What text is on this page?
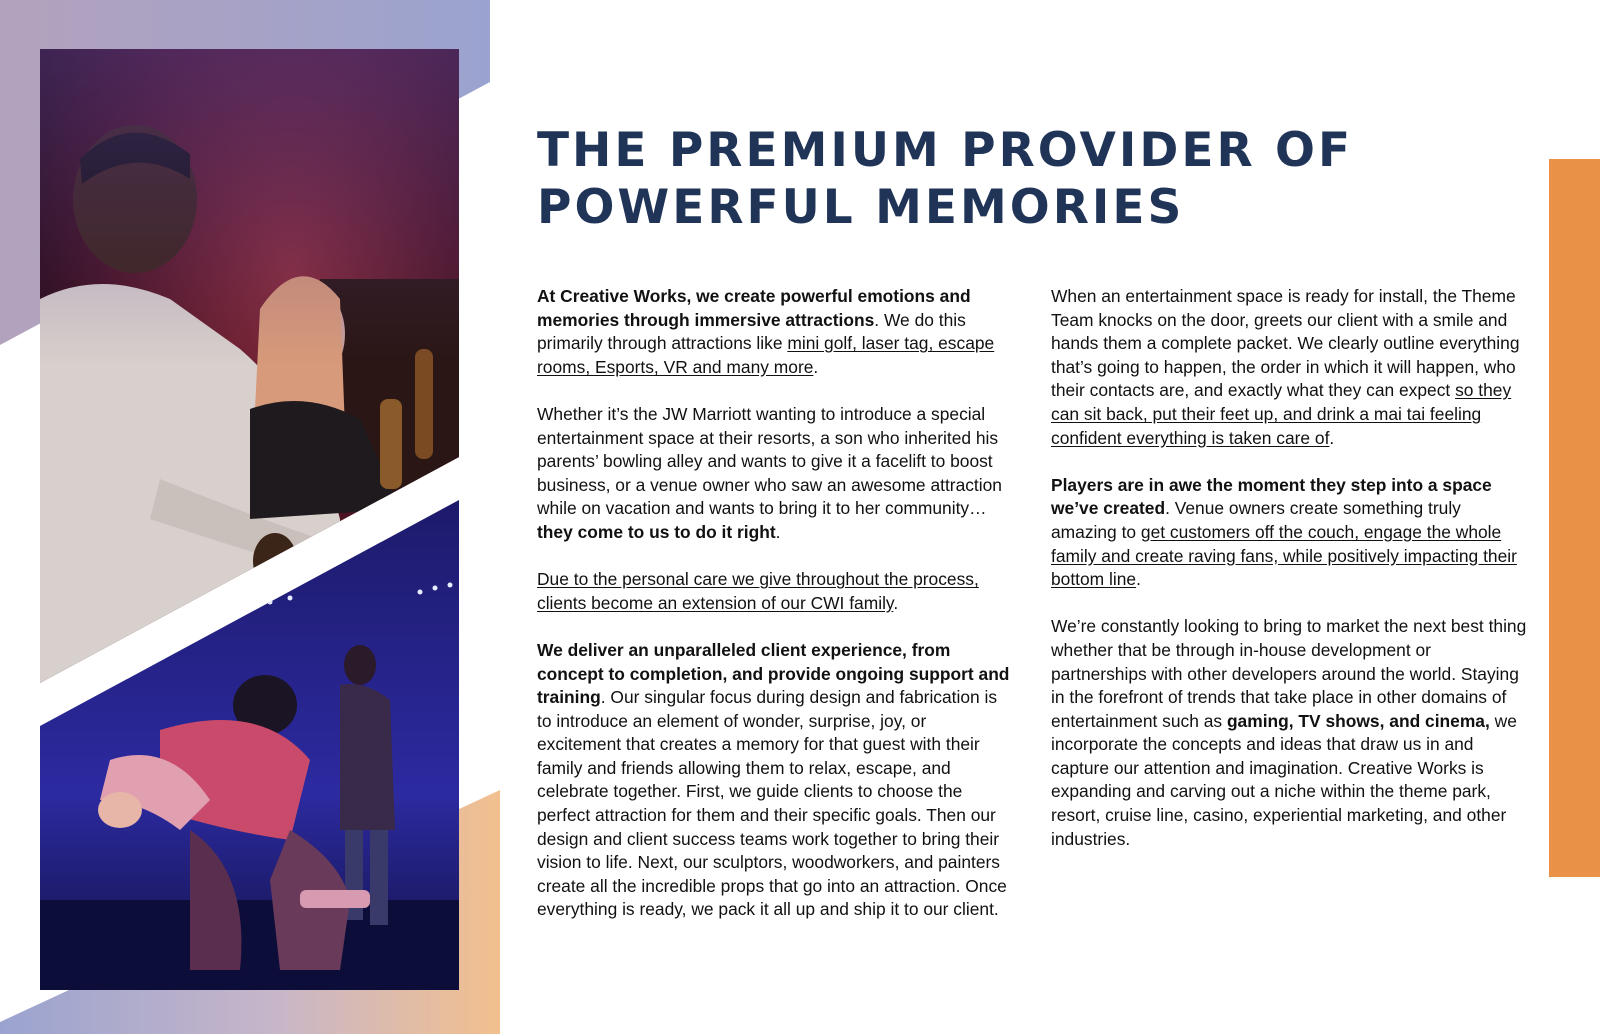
THE PREMIUM PROVIDER OF
POWERFUL MEMORIES

At Creative Works, we create powerful emotions and memories through immersive attractions. We do this primarily through attractions like mini golf, laser tag, escape rooms, Esports, VR and many more.

Whether it’s the JW Marriott wanting to introduce a special entertainment space at their resorts, a son who inherited his parents’ bowling alley and wants to give it a facelift to boost business, or a venue owner who saw an awesome attraction while on vacation and wants to bring it to her community… they come to us to do it right.

Due to the personal care we give throughout the process, clients become an extension of our CWI family.

We deliver an unparalleled client experience, from concept to completion, and provide ongoing support and training. Our singular focus during design and fabrication is to introduce an element of wonder, surprise, joy, or excitement that creates a memory for that guest with their family and friends allowing them to relax, escape, and celebrate together. First, we guide clients to choose the perfect attraction for them and their specific goals. Then our design and client success teams work together to bring their vision to life. Next, our sculptors, woodworkers, and painters create all the incredible props that go into an attraction. Once everything is ready, we pack it all up and ship it to our client.

When an entertainment space is ready for install, the Theme Team knocks on the door, greets our client with a smile and hands them a complete packet. We clearly outline everything that’s going to happen, the order in which it will happen, who their contacts are, and exactly what they can expect so they can sit back, put their feet up, and drink a mai tai feeling confident everything is taken care of.

Players are in awe the moment they step into a space we’ve created. Venue owners create something truly amazing to get customers off the couch, engage the whole family and create raving fans, while positively impacting their bottom line.

We’re constantly looking to bring to market the next best thing whether that be through in-house development or partnerships with other developers around the world. Staying in the forefront of trends that take place in other domains of entertainment such as gaming, TV shows, and cinema, we incorporate the concepts and ideas that draw us in and capture our attention and imagination. Creative Works is expanding and carving out a niche within the theme park, resort, cruise line, casino, experiential marketing, and other industries.
